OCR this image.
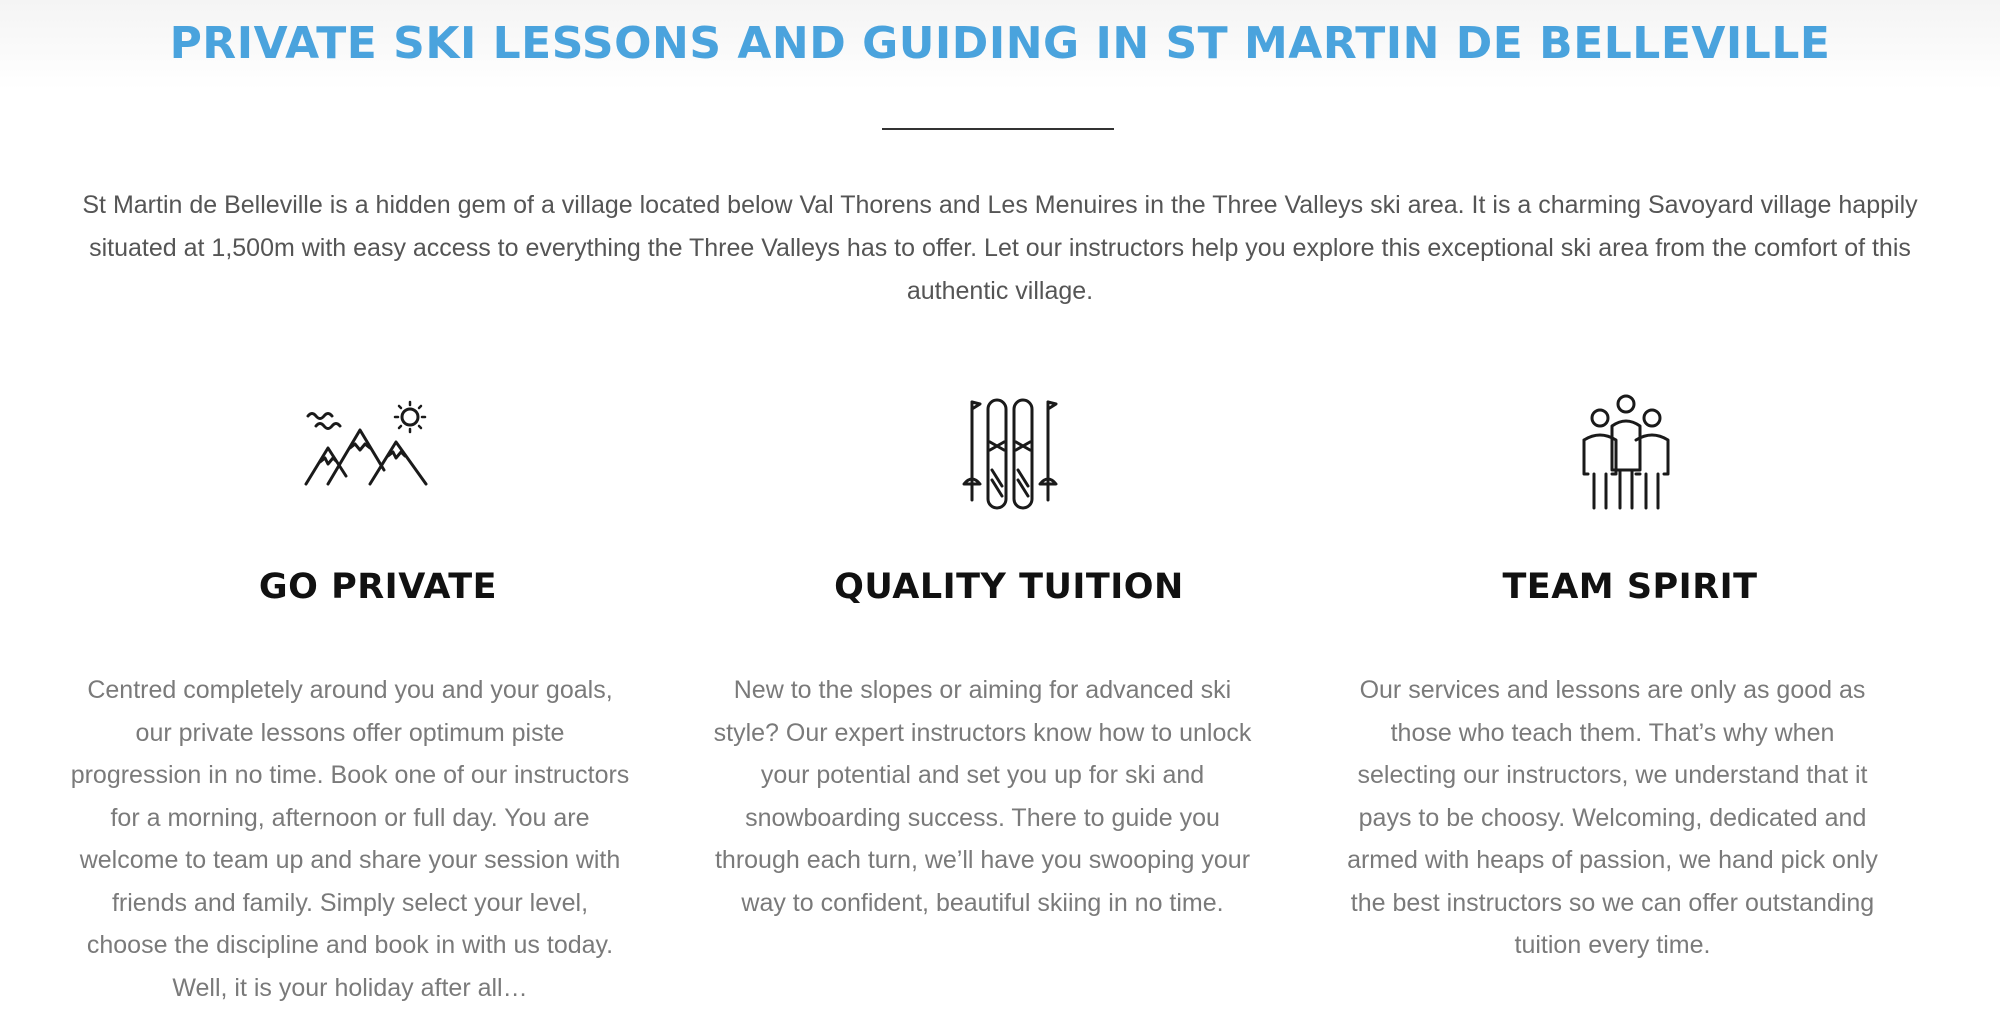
PRIVATE SKI LESSONS AND GUIDING IN ST MARTIN DE BELLEVILLE

St Martin de Belleville is a hidden gem of a village located below Val Thorens and Les Menuires in the Three Valleys ski area. It is a charming Savoyard village happily situated at 1,500m with easy access to everything the Three Valleys has to offer. Let our instructors help you explore this exceptional ski area from the comfort of this authentic village.

GO PRIVATE

Centred completely around you and your goals, our private lessons offer optimum piste progression in no time. Book one of our instructors for a morning, afternoon or full day. You are welcome to team up and share your session with friends and family. Simply select your level, choose the discipline and book in with us today. Well, it is your holiday after all…

QUALITY TUITION

New to the slopes or aiming for advanced ski style? Our expert instructors know how to unlock your potential and set you up for ski and snowboarding success. There to guide you through each turn, we’ll have you swooping your way to confident, beautiful skiing in no time.

TEAM SPIRIT

Our services and lessons are only as good as those who teach them. That’s why when selecting our instructors, we understand that it pays to be choosy. Welcoming, dedicated and armed with heaps of passion, we hand pick only the best instructors so we can offer outstanding tuition every time.
